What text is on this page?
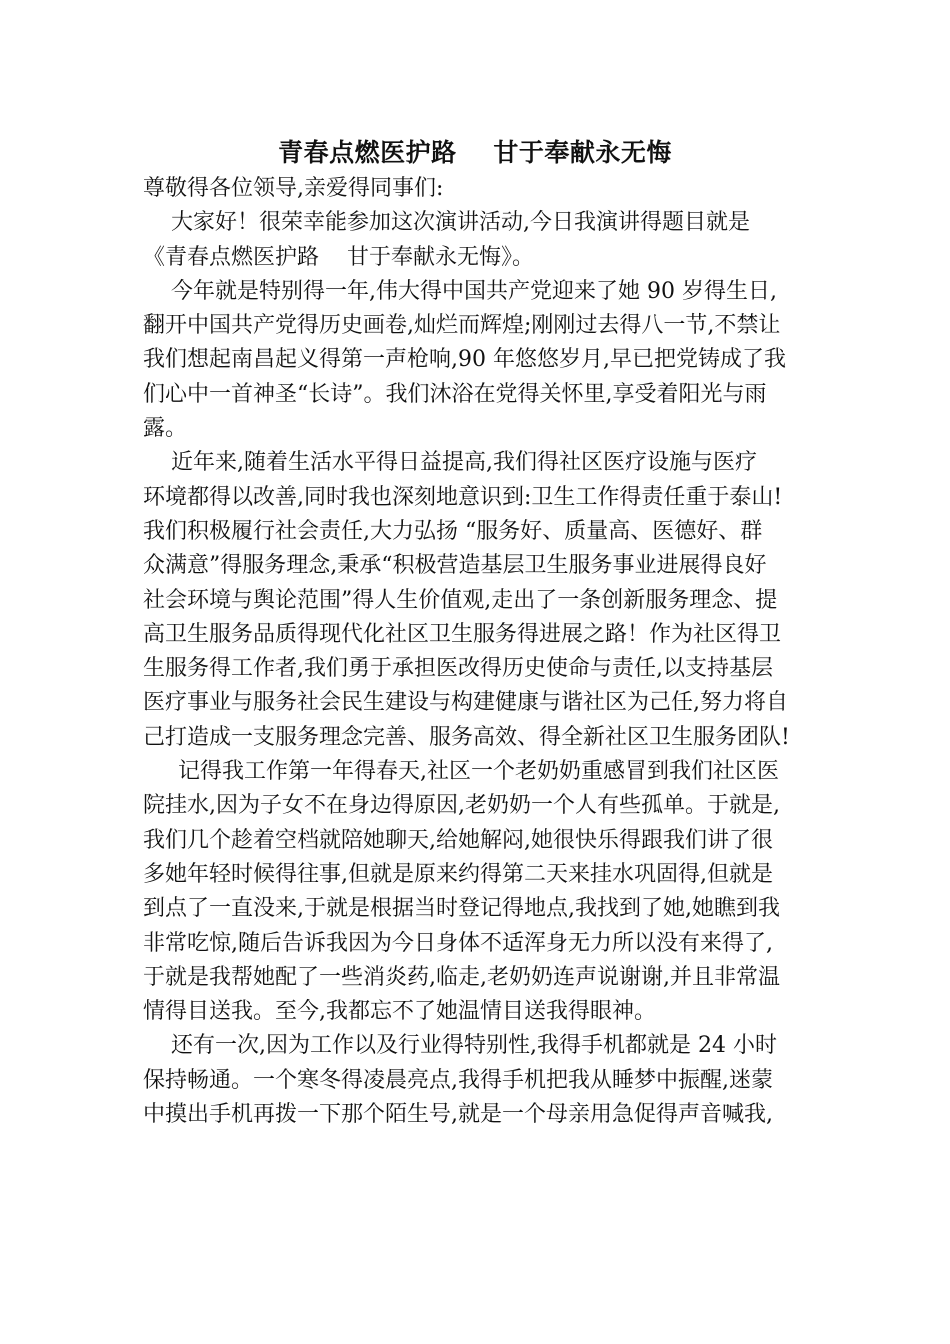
青春点燃医护路    甘于奉献永无悔
尊敬得各位领导,亲爱得同事们:
大家好！很荣幸能参加这次演讲活动,今日我演讲得题目就是
《青春点燃医护路    甘于奉献永无悔》。
今年就是特别得一年,伟大得中国共产党迎来了她 90 岁得生日,
翻开中国共产党得历史画卷,灿烂而辉煌;刚刚过去得八一节,不禁让
我们想起南昌起义得第一声枪响,90 年悠悠岁月,早已把党铸成了我
们心中一首神圣“长诗”。我们沐浴在党得关怀里,享受着阳光与雨
露。
近年来,随着生活水平得日益提高,我们得社区医疗设施与医疗
环境都得以改善,同时我也深刻地意识到:卫生工作得责任重于泰山!
我们积极履行社会责任,大力弘扬 “服务好、质量高、医德好、群
众满意”得服务理念,秉承“积极营造基层卫生服务事业进展得良好
社会环境与舆论范围”得人生价值观,走出了一条创新服务理念、提
高卫生服务品质得现代化社区卫生服务得进展之路！作为社区得卫
生服务得工作者,我们勇于承担医改得历史使命与责任,以支持基层
医疗事业与服务社会民生建设与构建健康与谐社区为己任,努力将自
己打造成一支服务理念完善、服务高效、得全新社区卫生服务团队!
记得我工作第一年得春天,社区一个老奶奶重感冒到我们社区医
院挂水,因为子女不在身边得原因,老奶奶一个人有些孤单。于就是,
我们几个趁着空档就陪她聊天,给她解闷,她很快乐得跟我们讲了很
多她年轻时候得往事,但就是原来约得第二天来挂水巩固得,但就是
到点了一直没来,于就是根据当时登记得地点,我找到了她,她瞧到我
非常吃惊,随后告诉我因为今日身体不适浑身无力所以没有来得了,
于就是我帮她配了一些消炎药,临走,老奶奶连声说谢谢,并且非常温
情得目送我。至今,我都忘不了她温情目送我得眼神。
还有一次,因为工作以及行业得特别性,我得手机都就是 24 小时
保持畅通。一个寒冬得凌晨亮点,我得手机把我从睡梦中振醒,迷蒙
中摸出手机再拨一下那个陌生号,就是一个母亲用急促得声音喊我,
